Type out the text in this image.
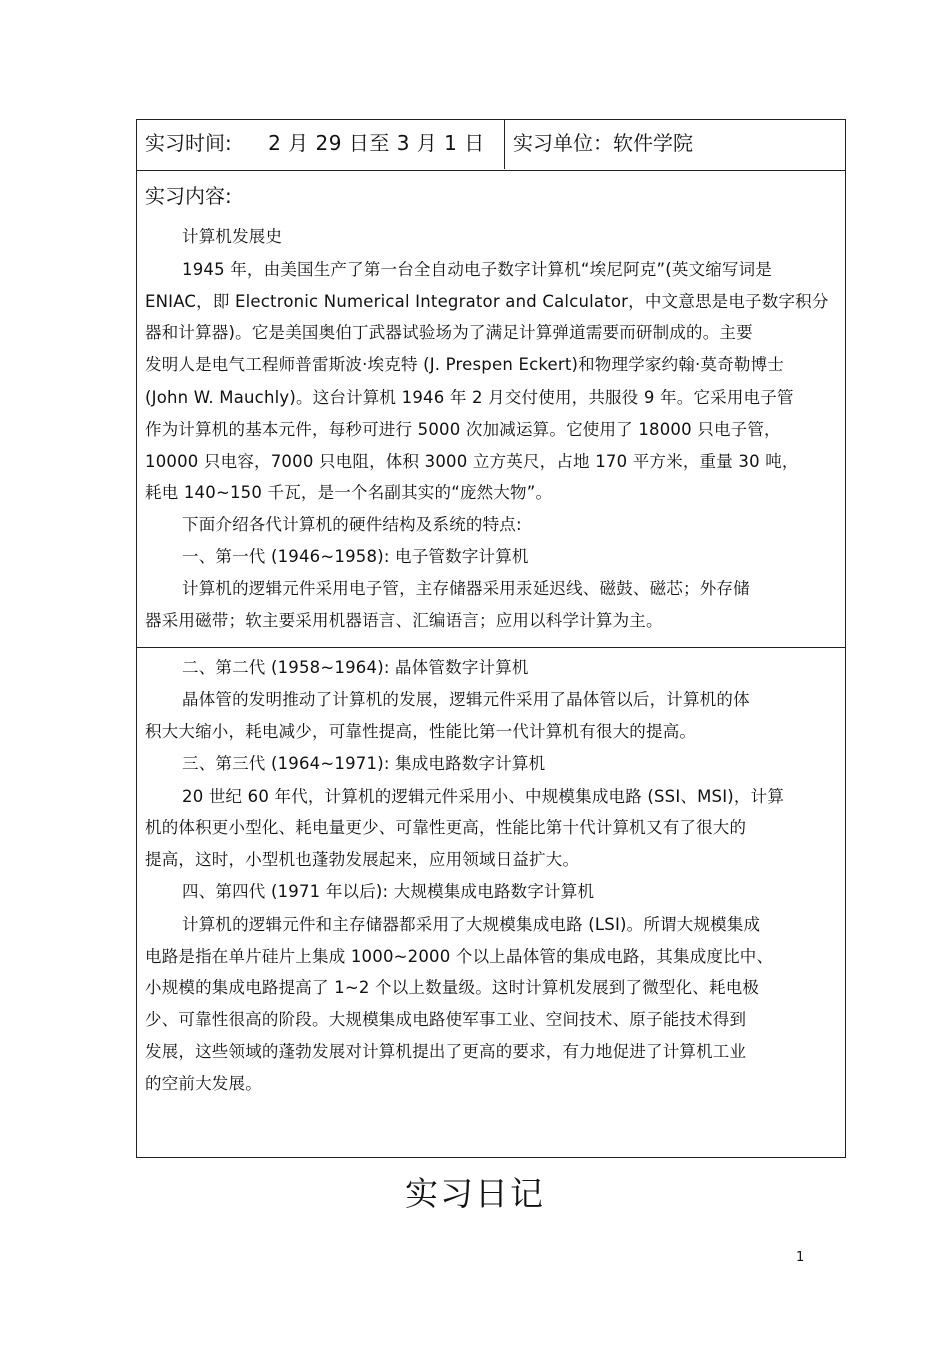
实习时间: 2 月 29 日至 3 月 1 日	实习单位：软件学院
实习内容:
计算机发展史
1945 年，由美国生产了第一台全自动电子数字计算机“埃尼阿克”(英文缩写词是
ENIAC，即 Electronic Numerical Integrator and Calculator，中文意思是电子数字积分
器和计算器)。它是美国奥伯丁武器试验场为了满足计算弹道需要而研制成的。主要
发明人是电气工程师普雷斯波·埃克特 (J. Prespen Eckert)和物理学家约翰·莫奇勒博士
(John W. Mauchly)。这台计算机 1946 年 2 月交付使用，共服役 9 年。它采用电子管
作为计算机的基本元件，每秒可进行 5000 次加减运算。它使用了 18000 只电子管，
10000 只电容，7000 只电阻，体积 3000 立方英尺，占地 170 平方米，重量 30 吨，
耗电 140~150 千瓦，是一个名副其实的“庞然大物”。
下面介绍各代计算机的硬件结构及系统的特点:
一、第一代 (1946~1958): 电子管数字计算机
计算机的逻辑元件采用电子管，主存储器采用汞延迟线、磁鼓、磁芯；外存储
器采用磁带；软主要采用机器语言、汇编语言；应用以科学计算为主。
二、第二代 (1958~1964): 晶体管数字计算机
晶体管的发明推动了计算机的发展，逻辑元件采用了晶体管以后，计算机的体
积大大缩小，耗电减少，可靠性提高，性能比第一代计算机有很大的提高。
三、第三代 (1964~1971): 集成电路数字计算机
20 世纪 60 年代，计算机的逻辑元件采用小、中规模集成电路 (SSI、MSI)，计算
机的体积更小型化、耗电量更少、可靠性更高，性能比第十代计算机又有了很大的
提高，这时，小型机也蓬勃发展起来，应用领域日益扩大。
四、第四代 (1971 年以后): 大规模集成电路数字计算机
计算机的逻辑元件和主存储器都采用了大规模集成电路 (LSI)。所谓大规模集成
电路是指在单片硅片上集成 1000~2000 个以上晶体管的集成电路，其集成度比中、
小规模的集成电路提高了 1~2 个以上数量级。这时计算机发展到了微型化、耗电极
少、可靠性很高的阶段。大规模集成电路使军事工业、空间技术、原子能技术得到
发展，这些领域的蓬勃发展对计算机提出了更高的要求，有力地促进了计算机工业
的空前大发展。
实习日记
1
